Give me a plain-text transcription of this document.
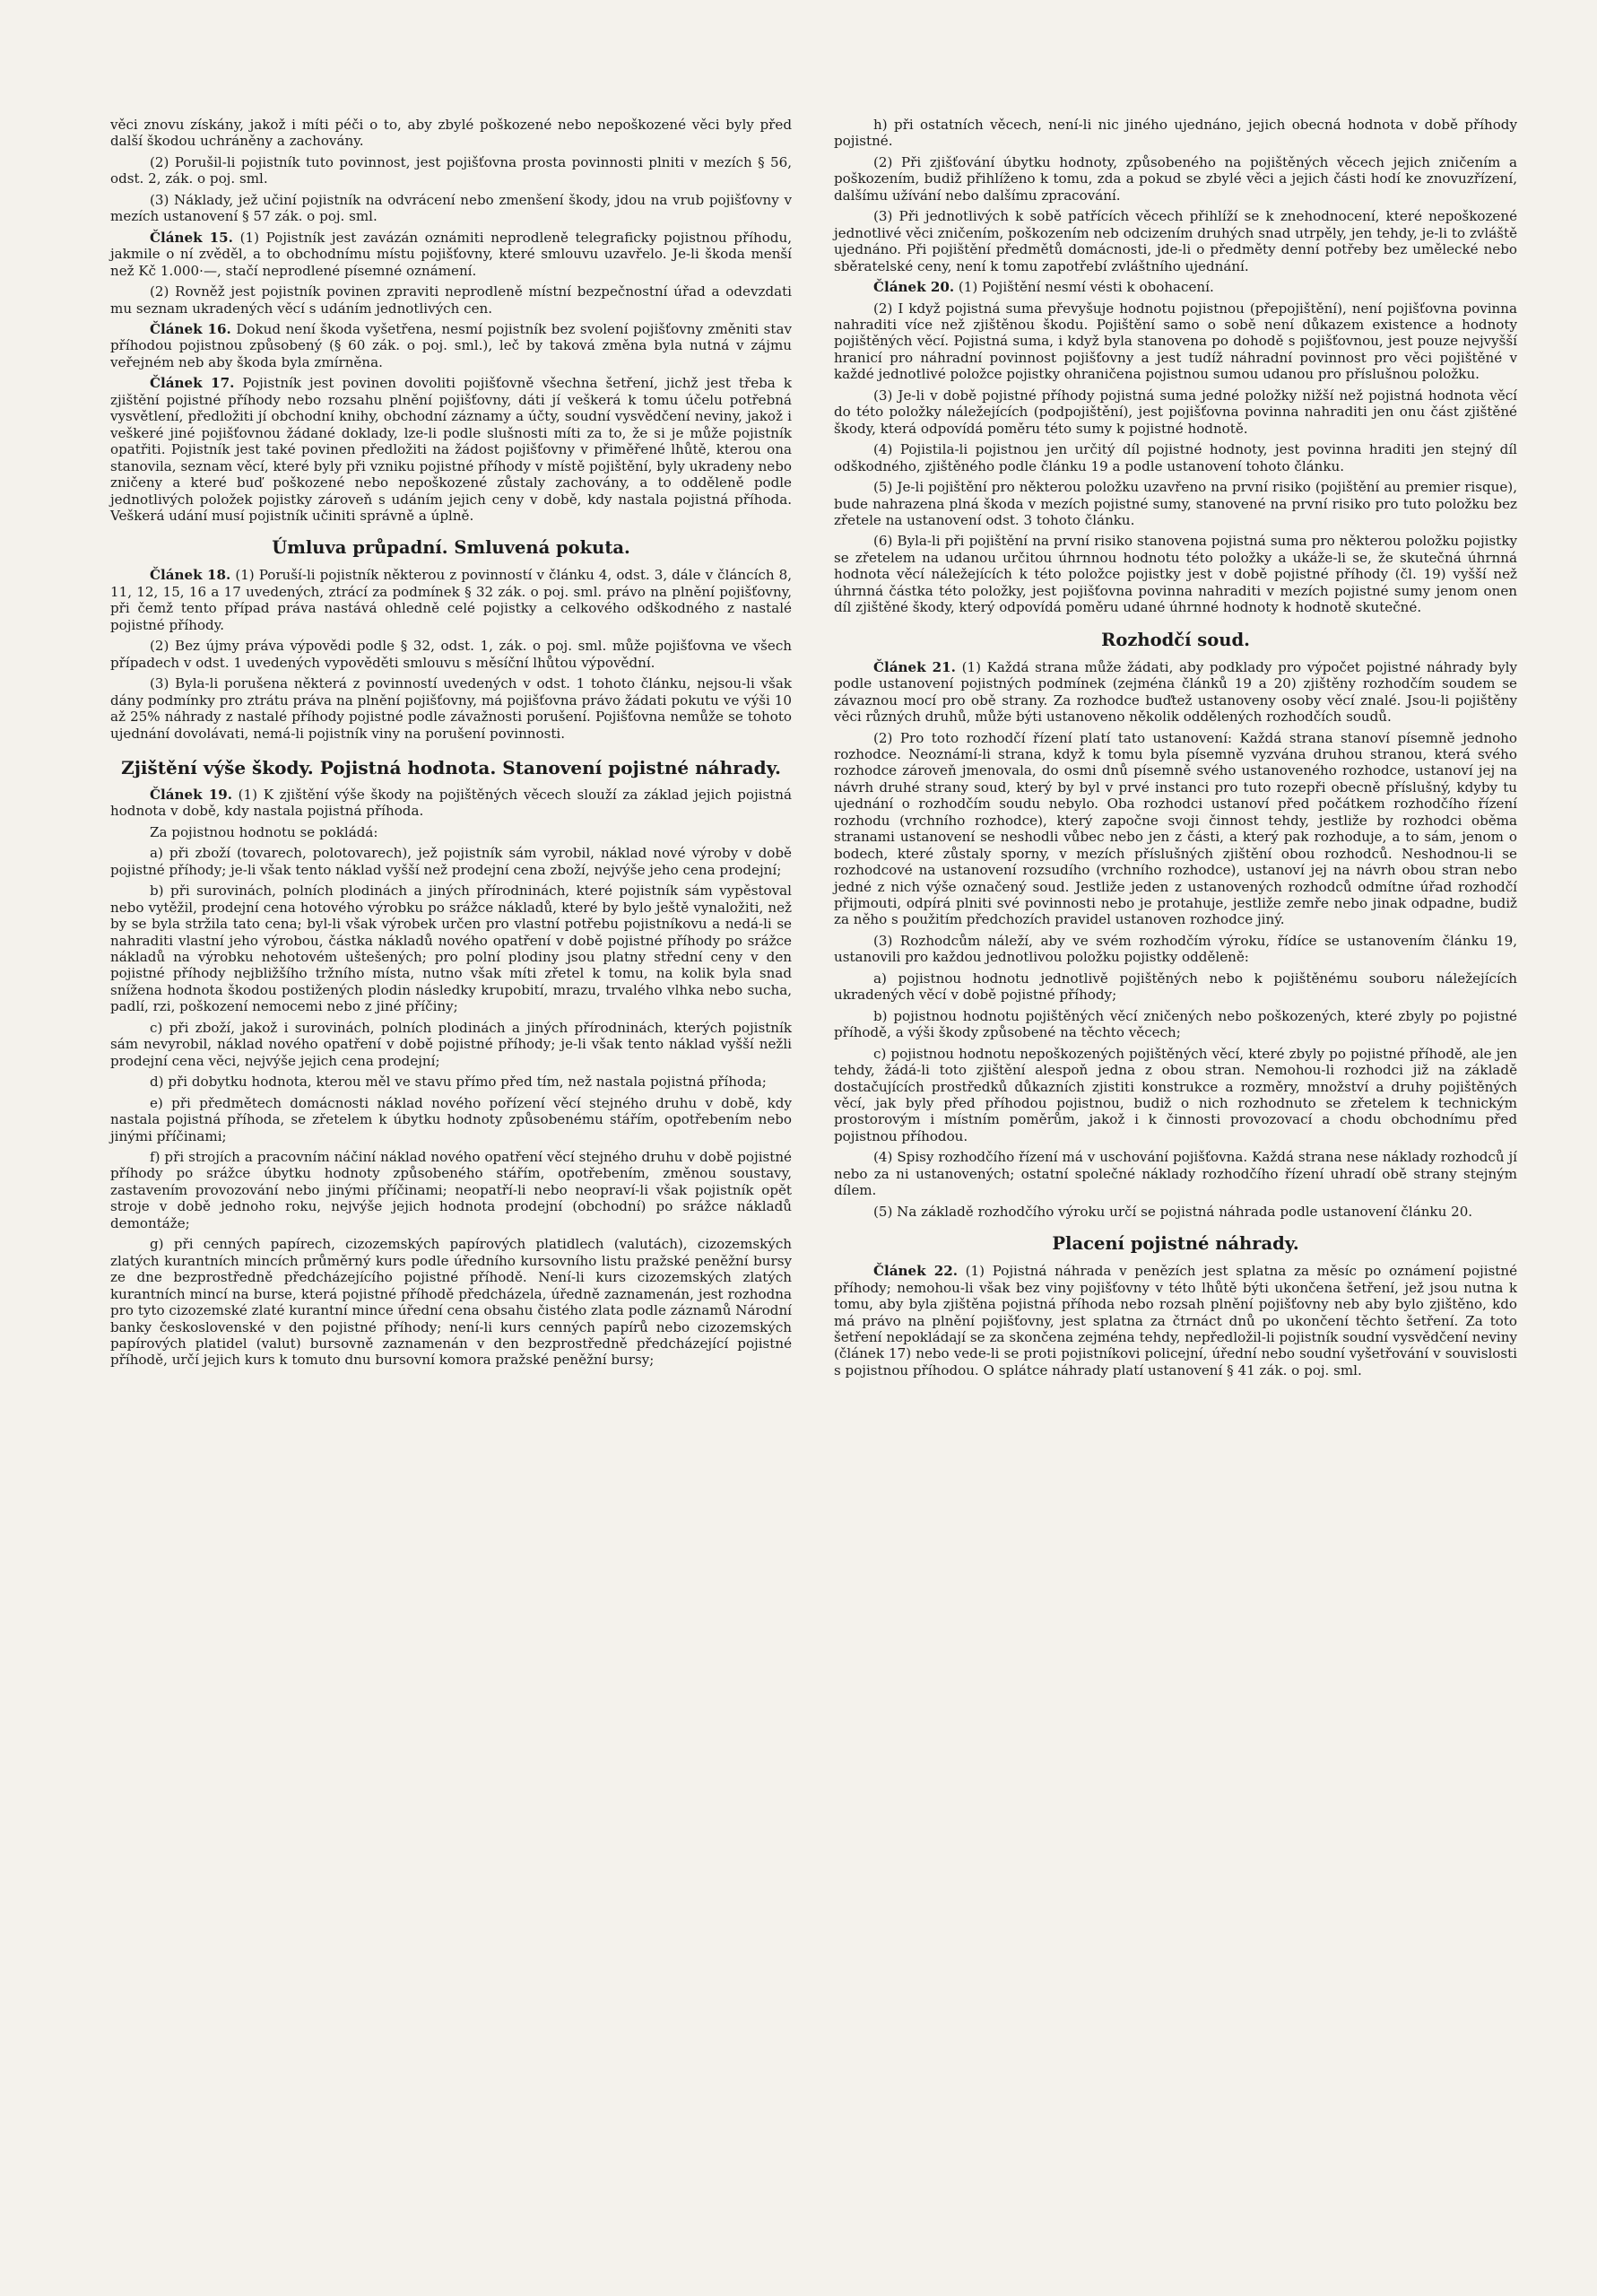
věci znovu získány, jakož i míti péči o to, aby zbylé poškozené nebo nepoškozené věci byly před další škodou uchráněny a zachovány.

(2) Porušil-li pojistník tuto povinnost, jest pojišťovna prosta povinnosti plniti v mezích § 56, odst. 2, zák. o poj. sml.

(3) Náklady, jež učiní pojistník na odvrácení nebo zmenšení škody, jdou na vrub pojišťovny v mezích ustanovení § 57 zák. o poj. sml.

Článek 15. (1) Pojistník jest zavázán oznámiti neprodleně telegraficky pojistnou příhodu, jakmile o ní zvěděl, a to obchodnímu místu pojišťovny, které smlouvu uzavřelo. Je-li škoda menší než Kč 1.000·—, stačí neprodlené písemné oznámení.

(2) Rovněž jest pojistník povinen zpraviti neprodleně místní bezpečnostní úřad a odevzdati mu seznam ukradených věcí s udáním jednotlivých cen.

Článek 16. Dokud není škoda vyšetřena, nesmí pojistník bez svolení pojišťovny změniti stav příhodou pojistnou způsobený (§ 60 zák. o poj. sml.), leč by taková změna byla nutná v zájmu veřejném neb aby škoda byla zmírněna.

Článek 17. Pojistník jest povinen dovoliti pojišťovně všechna šetření, jichž jest třeba k zjištění pojistné příhody nebo rozsahu plnění pojišťovny, dáti jí veškerá k tomu účelu potřebná vysvětlení, předložiti jí obchodní knihy, obchodní záznamy a účty, soudní vysvědčení neviny, jakož i veškeré jiné pojišťovnou žádané doklady, lze-li podle slušnosti míti za to, že si je může pojistník opatřiti. Pojistník jest také povinen předložiti na žádost pojišťovny v přiměřené lhůtě, kterou ona stanovila, seznam věcí, které byly při vzniku pojistné příhody v místě pojištění, byly ukradeny nebo zničeny a které buď poškozené nebo nepoškozené zůstaly zachovány, a to odděleně podle jednotlivých položek pojistky zároveň s udáním jejich ceny v době, kdy nastala pojistná příhoda. Veškerá udání musí pojistník učiniti správně a úplně.

Úmluva průpadní. Smluvená pokuta.

Článek 18. (1) Poruší-li pojistník některou z povinností v článku 4, odst. 3, dále v článcích 8, 11, 12, 15, 16 a 17 uvedených, ztrácí za podmínek § 32 zák. o poj. sml. právo na plnění pojišťovny, při čemž tento případ práva nastává ohledně celé pojistky a celkového odškodného z nastalé pojistné příhody.

(2) Bez újmy práva výpovědi podle § 32, odst. 1, zák. o poj. sml. může pojišťovna ve všech případech v odst. 1 uvedených vypověděti smlouvu s měsíční lhůtou výpovědní.

(3) Byla-li porušena některá z povinností uvedených v odst. 1 tohoto článku, nejsou-li však dány podmínky pro ztrátu práva na plnění pojišťovny, má pojišťovna právo žádati pokutu ve výši 10 až 25% náhrady z nastalé příhody pojistné podle závažnosti porušení. Pojišťovna nemůže se tohoto ujednání dovolávati, nemá-li pojistník viny na porušení povinnosti.

Zjištění výše škody. Pojistná hodnota. Stanovení pojistné náhrady.

Článek 19. (1) K zjištění výše škody na pojištěných věcech slouží za základ jejich pojistná hodnota v době, kdy nastala pojistná příhoda.

Za pojistnou hodnotu se pokládá:

a) při zboží (tovarech, polotovarech), jež pojistník sám vyrobil, náklad nové výroby v době pojistné příhody; je-li však tento náklad vyšší než prodejní cena zboží, nejvýše jeho cena prodejní;

b) při surovinách, polních plodinách a jiných přírodninách, které pojistník sám vypěstoval nebo vytěžil, prodejní cena hotového výrobku po srážce nákladů, které by bylo ještě vynaložiti, než by se byla stržila tato cena; byl-li však výrobek určen pro vlastní potřebu pojistníkovu a nedá-li se nahraditi vlastní jeho výrobou, částka nákladů nového opatření v době pojistné příhody po srážce nákladů na výrobku nehotovém uštešených; pro polní plodiny jsou platny střední ceny v den pojistné příhody nejbližšího tržního místa, nutno však míti zřetel k tomu, na kolik byla snad snížena hodnota škodou postižených plodin následky krupobití, mrazu, trvalého vlhka nebo sucha, padlí, rzi, poškození nemocemi nebo z jiné příčiny;

c) při zboží, jakož i surovinách, polních plodinách a jiných přírodninách, kterých pojistník sám nevyrobil, náklad nového opatření v době pojistné příhody; je-li však tento náklad vyšší nežli prodejní cena věci, nejvýše jejich cena prodejní;

d) při dobytku hodnota, kterou měl ve stavu přímo před tím, než nastala pojistná příhoda;

e) při předmětech domácnosti náklad nového pořízení věcí stejného druhu v době, kdy nastala pojistná příhoda, se zřetelem k úbytku hodnoty způsobenému stářím, opotřebením nebo jinými příčinami;

f) při strojích a pracovním náčiní náklad nového opatření věcí stejného druhu v době pojistné příhody po srážce úbytku hodnoty způsobeného stářím, opotřebením, změnou soustavy, zastavením provozování nebo jinými příčinami; neopatří-li nebo neopraví-li však pojistník opět stroje v době jednoho roku, nejvýše jejich hodnota prodejní (obchodní) po srážce nákladů demontáže;

g) při cenných papírech, cizozemských papírových platidlech (valutách), cizozemských zlatých kurantních mincích průměrný kurs podle úředního kursovního listu pražské peněžní bursy ze dne bezprostředně předcházejícího pojistné příhodě. Není-li kurs cizozemských zlatých kurantních mincí na burse, která pojistné příhodě předcházela, úředně zaznamenán, jest rozhodna pro tyto cizozemské zlaté kurantní mince úřední cena obsahu čistého zlata podle záznamů Národní banky československé v den pojistné příhody; není-li kurs cenných papírů nebo cizozemských papírových platidel (valut) bursovně zaznamenán v den bezprostředně předcházející pojistné příhodě, určí jejich kurs k tomuto dnu bursovní komora pražské peněžní bursy;

h) při ostatních věcech, není-li nic jiného ujednáno, jejich obecná hodnota v době příhody pojistné.

(2) Při zjišťování úbytku hodnoty, způsobeného na pojištěných věcech jejich zničením a poškozením, budiž přihlíženo k tomu, zda a pokud se zbylé věci a jejich části hodí ke znovuzřízení, dalšímu užívání nebo dalšímu zpracování.

(3) Při jednotlivých k sobě patřících věcech přihlíží se k znehodnocení, které nepoškozené jednotlivé věci zničením, poškozením neb odcizením druhých snad utrpěly, jen tehdy, je-li to zvláště ujednáno. Při pojištění předmětů domácnosti, jde-li o předměty denní potřeby bez umělecké nebo sběratelské ceny, není k tomu zapotřebí zvláštního ujednání.

Článek 20. (1) Pojištění nesmí vésti k obohacení.

(2) I když pojistná suma převyšuje hodnotu pojistnou (přepojištění), není pojišťovna povinna nahraditi více než zjištěnou škodu. Pojištění samo o sobě není důkazem existence a hodnoty pojištěných věcí. Pojistná suma, i když byla stanovena po dohodě s pojišťovnou, jest pouze nejvyšší hranicí pro náhradní povinnost pojišťovny a jest tudíž náhradní povinnost pro věci pojištěné v každé jednotlivé položce pojistky ohraničena pojistnou sumou udanou pro příslušnou položku.

(3) Je-li v době pojistné příhody pojistná suma jedné položky nižší než pojistná hodnota věcí do této položky náležejících (podpojištění), jest pojišťovna povinna nahraditi jen onu část zjištěné škody, která odpovídá poměru této sumy k pojistné hodnotě.

(4) Pojistila-li pojistnou jen určitý díl pojistné hodnoty, jest povinna hraditi jen stejný díl odškodného, zjištěného podle článku 19 a podle ustanovení tohoto článku.

(5) Je-li pojištění pro některou položku uzavřeno na první risiko (pojištění au premier risque), bude nahrazena plná škoda v mezích pojistné sumy, stanovené na první risiko pro tuto položku bez zřetele na ustanovení odst. 3 tohoto článku.

(6) Byla-li při pojištění na první risiko stanovena pojistná suma pro některou položku pojistky se zřetelem na udanou určitou úhrnnou hodnotu této položky a ukáže-li se, že skutečná úhrnná hodnota věcí náležejících k této položce pojistky jest v době pojistné příhody (čl. 19) vyšší než úhrnná částka této položky, jest pojišťovna povinna nahraditi v mezích pojistné sumy jenom onen díl zjištěné škody, který odpovídá poměru udané úhrnné hodnoty k hodnotě skutečné.

Rozhodčí soud.

Článek 21. (1) Každá strana může žádati, aby podklady pro výpočet pojistné náhrady byly podle ustanovení pojistných podmínek (zejména článků 19 a 20) zjištěny rozhodčím soudem se závaznou mocí pro obě strany. Za rozhodce buďtež ustanoveny osoby věcí znalé. Jsou-li pojištěny věci různých druhů, může býti ustanoveno několik oddělených rozhodčích soudů.

(2) Pro toto rozhodčí řízení platí tato ustanovení: Každá strana stanoví písemně jednoho rozhodce. Neoznámí-li strana, když k tomu byla písemně vyzvána druhou stranou, která svého rozhodce zároveň jmenovala, do osmi dnů písemně svého ustanoveného rozhodce, ustanoví jej na návrh druhé strany soud, který by byl v prvé instanci pro tuto rozepři obecně příslušný, kdyby tu ujednání o rozhodčím soudu nebylo. Oba rozhodci ustanoví před počátkem rozhodčího řízení rozhodu (vrchního rozhodce), který započne svoji činnost tehdy, jestliže by rozhodci oběma stranami ustanovení se neshodli vůbec nebo jen z části, a který pak rozhoduje, a to sám, jenom o bodech, které zůstaly sporny, v mezích příslušných zjištění obou rozhodců. Neshodnou-li se rozhodcové na ustanovení rozsudího (vrchního rozhodce), ustanoví jej na návrh obou stran nebo jedné z nich výše označený soud. Jestliže jeden z ustanovených rozhodců odmítne úřad rozhodčí přijmouti, odpírá plniti své povinnosti nebo je protahuje, jestliže zemře nebo jinak odpadne, budiž za něho s použitím předchozích pravidel ustanoven rozhodce jiný.

(3) Rozhodcům náleží, aby ve svém rozhodčím výroku, řídíce se ustanovením článku 19, ustanovili pro každou jednotlivou položku pojistky odděleně:

a) pojistnou hodnotu jednotlivě pojištěných nebo k pojištěnému souboru náležejících ukradených věcí v době pojistné příhody;

b) pojistnou hodnotu pojištěných věcí zničených nebo poškozených, které zbyly po pojistné příhodě, a výši škody způsobené na těchto věcech;

c) pojistnou hodnotu nepoškozených pojištěných věcí, které zbyly po pojistné příhodě, ale jen tehdy, žádá-li toto zjištění alespoň jedna z obou stran. Nemohou-li rozhodci již na základě dostačujících prostředků důkazních zjistiti konstrukce a rozměry, množství a druhy pojištěných věcí, jak byly před příhodou pojistnou, budiž o nich rozhodnuto se zřetelem k technickým prostorovým i místním poměrům, jakož i k činnosti provozovací a chodu obchodnímu před pojistnou příhodou.

(4) Spisy rozhodčího řízení má v uschování pojišťovna. Každá strana nese náklady rozhodců jí nebo za ni ustanovených; ostatní společné náklady rozhodčího řízení uhradí obě strany stejným dílem.

(5) Na základě rozhodčího výroku určí se pojistná náhrada podle ustanovení článku 20.

Placení pojistné náhrady.

Článek 22. (1) Pojistná náhrada v penězích jest splatna za měsíc po oznámení pojistné příhody; nemohou-li však bez viny pojišťovny v této lhůtě býti ukončena šetření, jež jsou nutna k tomu, aby byla zjištěna pojistná příhoda nebo rozsah plnění pojišťovny neb aby bylo zjištěno, kdo má právo na plnění pojišťovny, jest splatna za čtrnáct dnů po ukončení těchto šetření. Za toto šetření nepokládají se za skončena zejména tehdy, nepředložil-li pojistník soudní vysvědčení neviny (článek 17) nebo vede-li se proti pojistníkovi policejní, úřední nebo soudní vyšetřování v souvislosti s pojistnou příhodou. O splátce náhrady platí ustanovení § 41 zák. o poj. sml.
